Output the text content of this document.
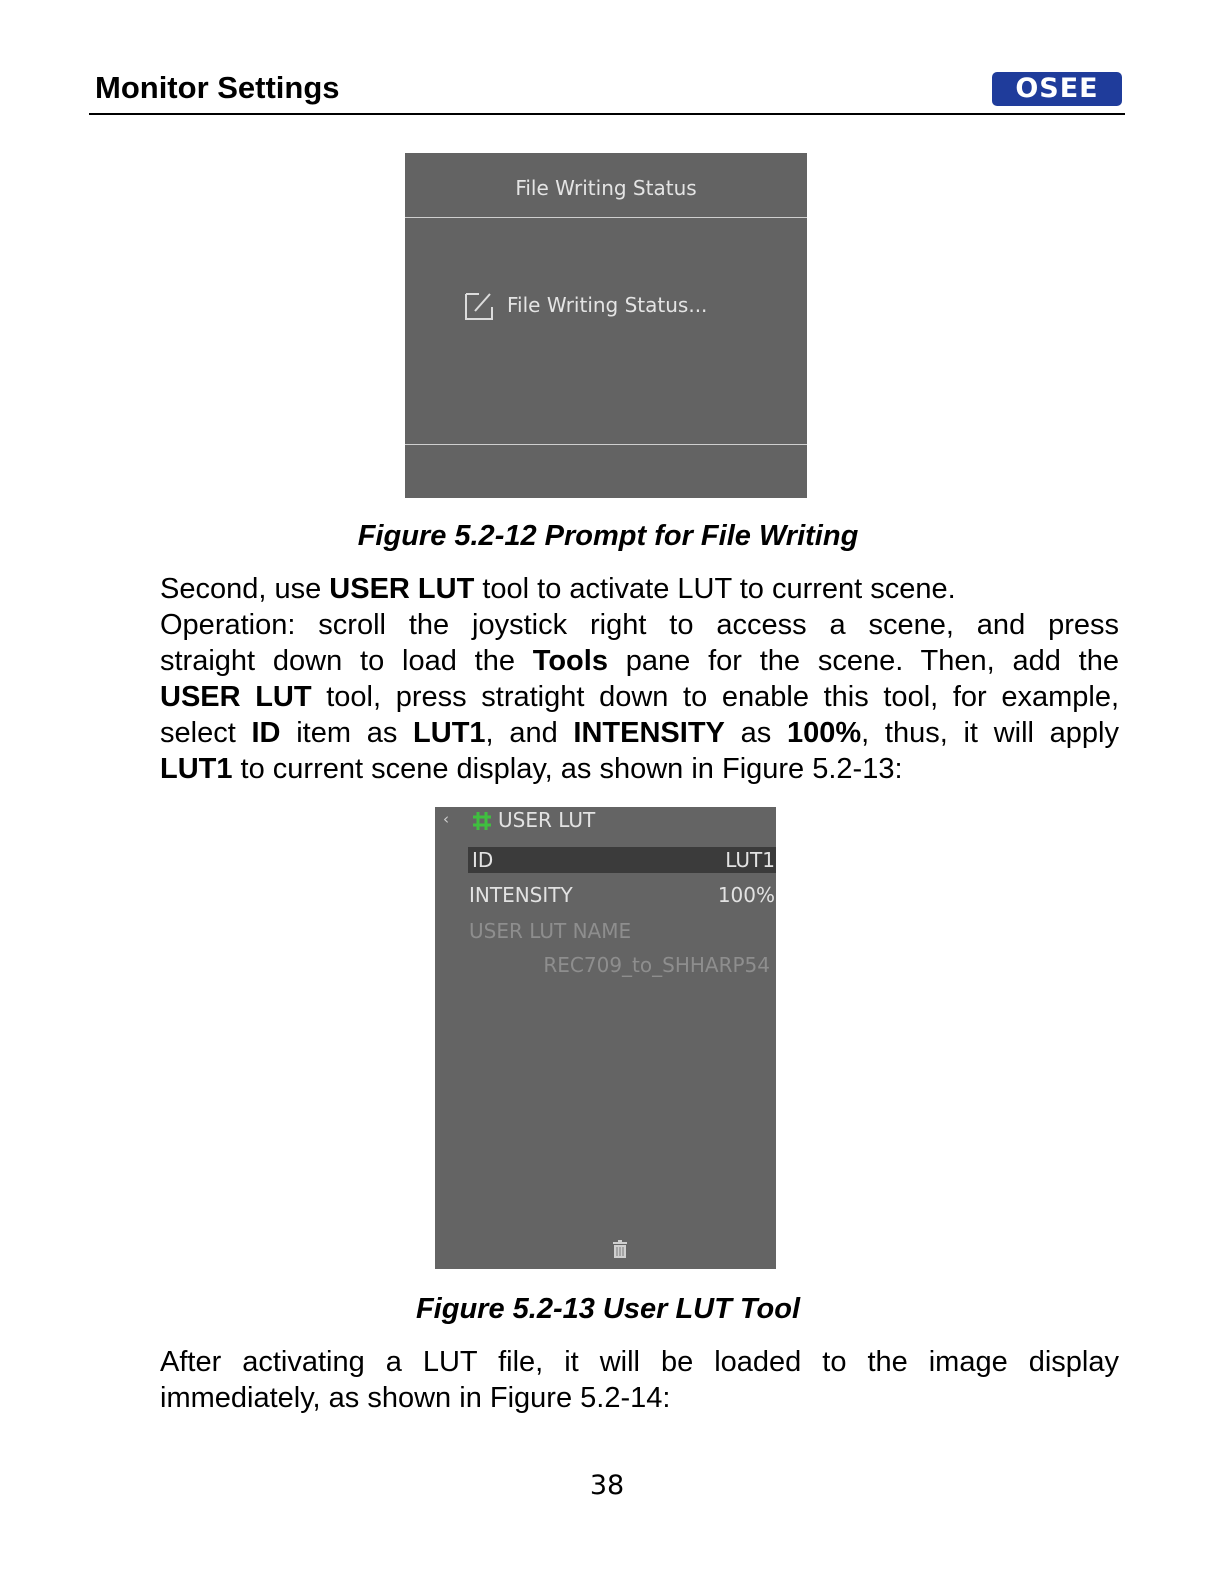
Monitor Settings	OSEE
File Writing Status
File Writing Status...
Figure 5.2-12 Prompt for File Writing
Second, use USER LUT tool to activate LUT to current scene.
Operation: scroll the joystick right to access a scene, and press
straight down to load the Tools pane for the scene. Then, add the
USER LUT tool, press stratight down to enable this tool, for example,
select ID item as LUT1, and INTENSITY as 100%, thus, it will apply
LUT1 to current scene display, as shown in Figure 5.2-13:
‹ USER LUT
ID	LUT1
INTENSITY	100%
USER LUT NAME
REC709_to_SHHARP54
Figure 5.2-13 User LUT Tool
After activating a LUT file, it will be loaded to the image display
immediately, as shown in Figure 5.2-14:
38
